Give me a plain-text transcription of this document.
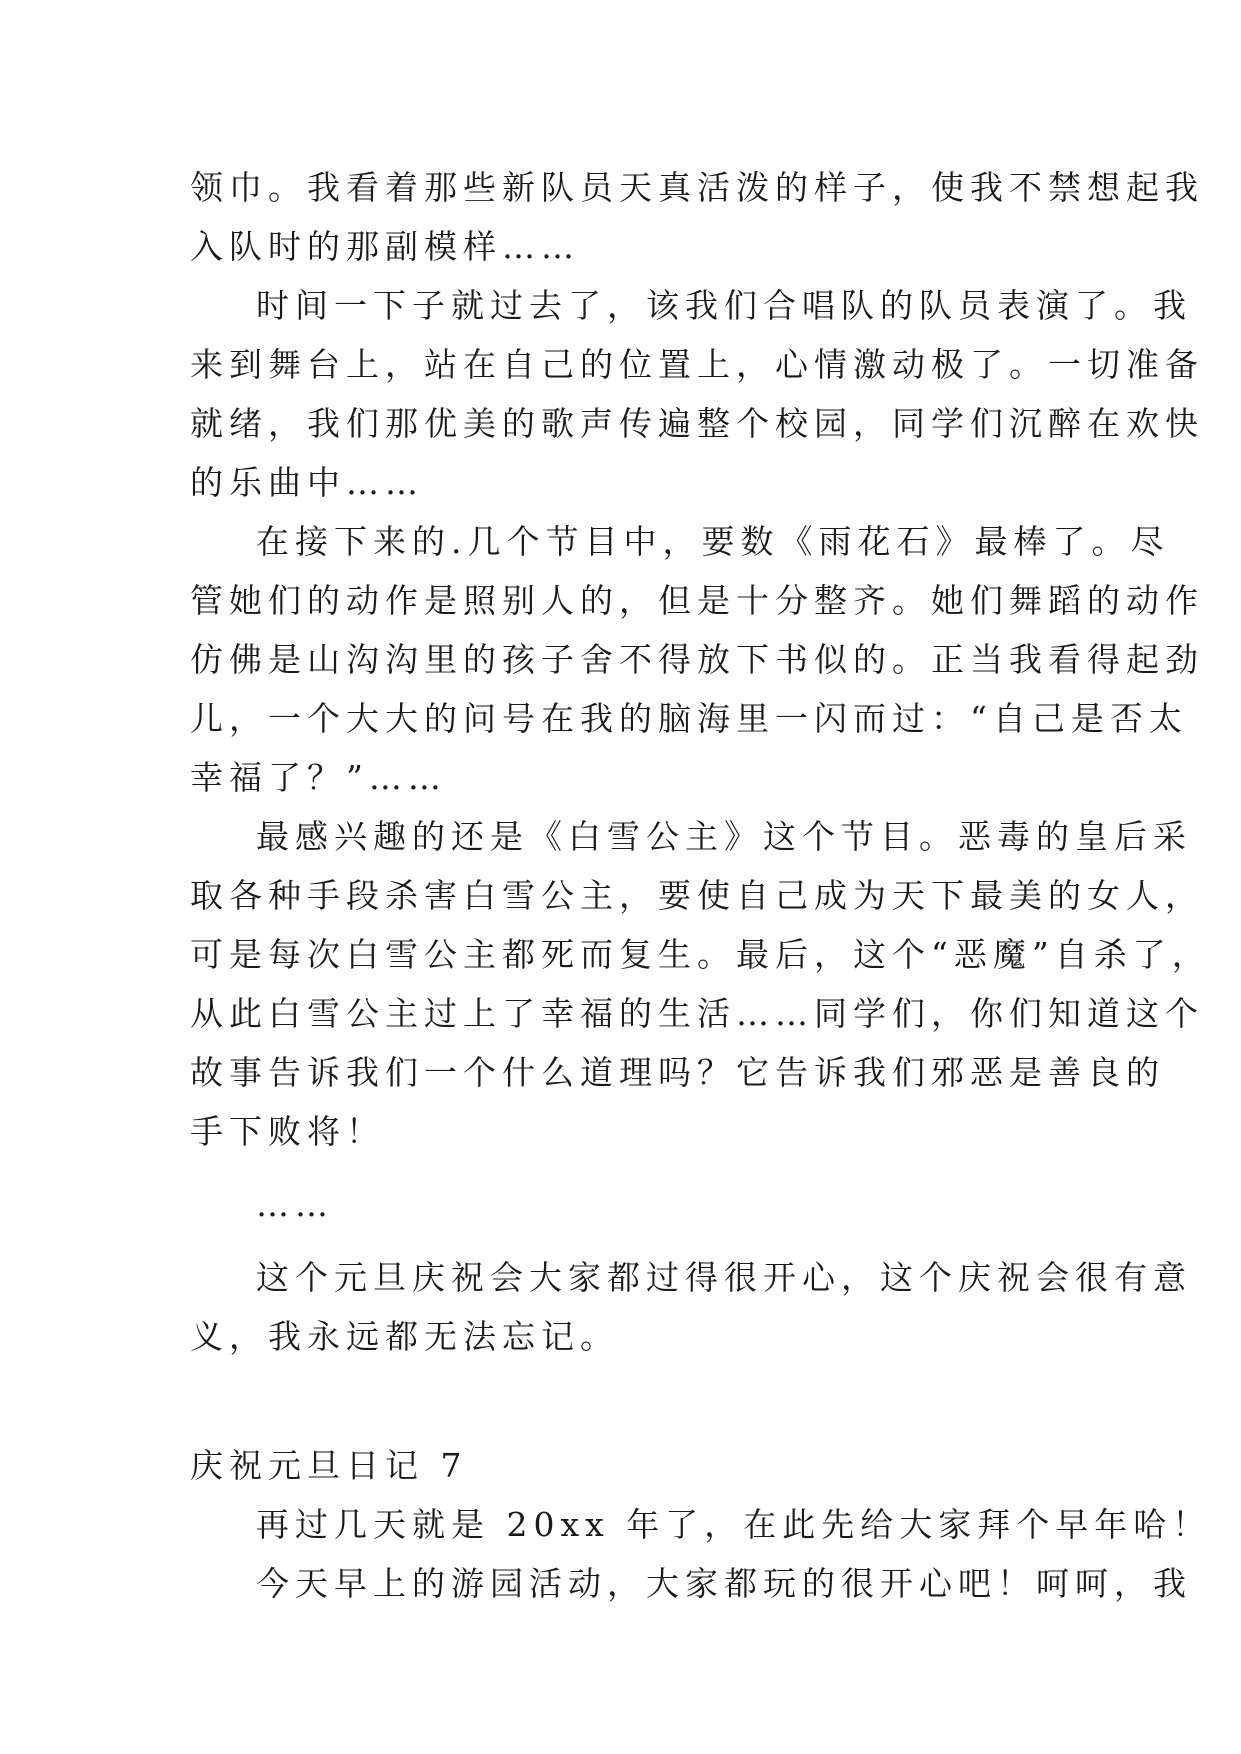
领巾。我看着那些新队员天真活泼的样子，使我不禁想起我
入队时的那副模样……
时间一下子就过去了，该我们合唱队的队员表演了。我
来到舞台上，站在自己的位置上，心情激动极了。一切准备
就绪，我们那优美的歌声传遍整个校园，同学们沉醉在欢快
的乐曲中……
在接下来的.几个节目中，要数《雨花石》最棒了。尽
管她们的动作是照别人的，但是十分整齐。她们舞蹈的动作
仿佛是山沟沟里的孩子舍不得放下书似的。正当我看得起劲
儿，一个大大的问号在我的脑海里一闪而过：“自己是否太
幸福了？”……
最感兴趣的还是《白雪公主》这个节目。恶毒的皇后采
取各种手段杀害白雪公主，要使自己成为天下最美的女人，
可是每次白雪公主都死而复生。最后，这个“恶魔”自杀了，
从此白雪公主过上了幸福的生活……同学们，你们知道这个
故事告诉我们一个什么道理吗？它告诉我们邪恶是善良的
手下败将！
……
这个元旦庆祝会大家都过得很开心，这个庆祝会很有意
义，我永远都无法忘记。
庆祝元旦日记 7
再过几天就是 20xx 年了，在此先给大家拜个早年哈！
今天早上的游园活动，大家都玩的很开心吧！呵呵，我
